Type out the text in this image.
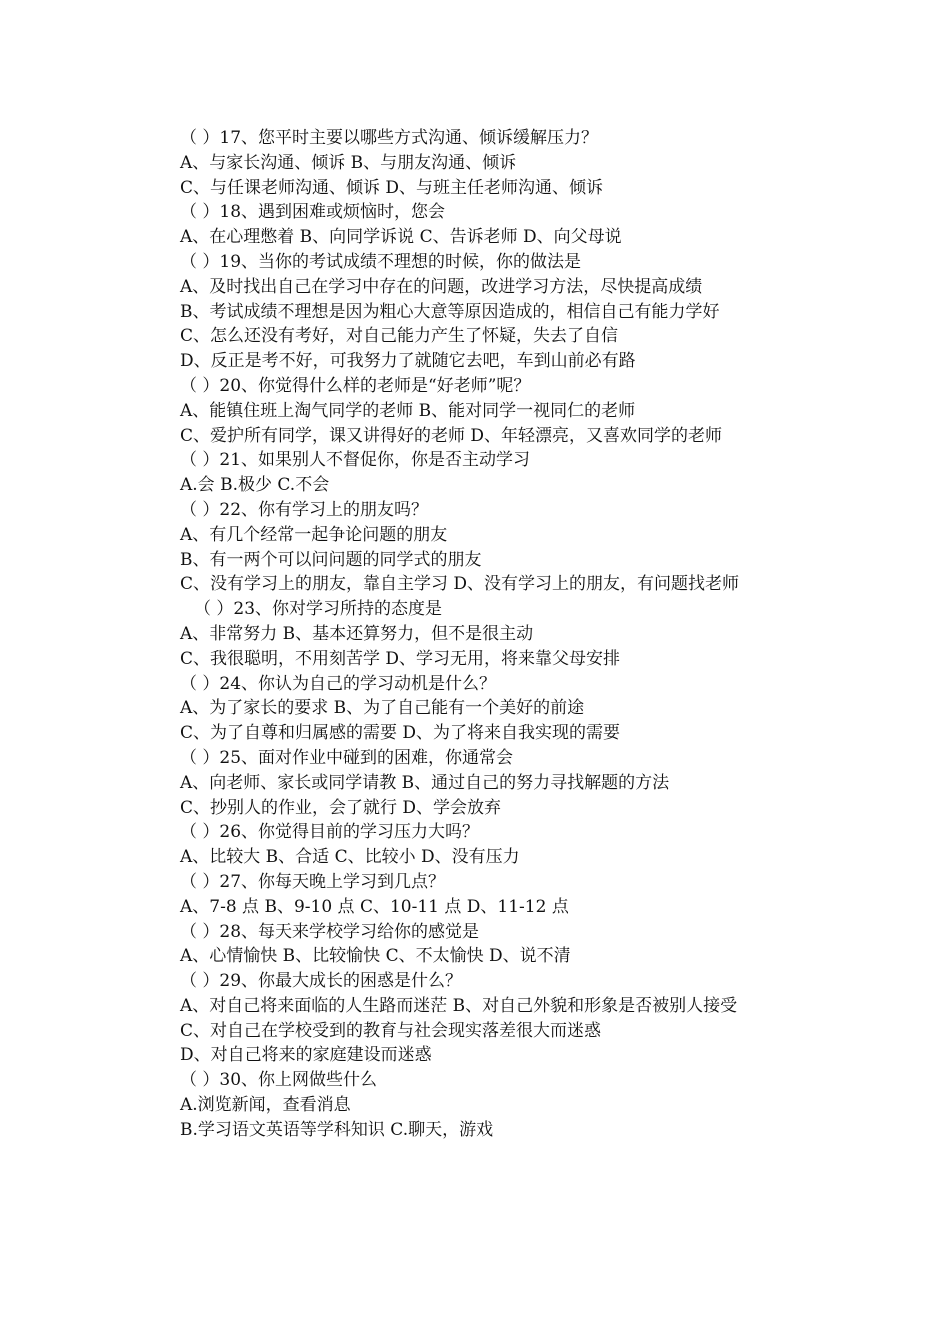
（ ）17、您平时主要以哪些方式沟通、倾诉缓解压力？
A、与家长沟通、倾诉 B、与朋友沟通、倾诉
C、与任课老师沟通、倾诉 D、与班主任老师沟通、倾诉
（ ）18、遇到困难或烦恼时，您会
A、在心理憋着 B、向同学诉说 C、告诉老师 D、向父母说
（ ）19、当你的考试成绩不理想的时候，你的做法是
A、及时找出自己在学习中存在的问题，改进学习方法，尽快提高成绩
B、考试成绩不理想是因为粗心大意等原因造成的，相信自己有能力学好
C、怎么还没有考好，对自己能力产生了怀疑，失去了自信
D、反正是考不好，可我努力了就随它去吧，车到山前必有路
（ ）20、你觉得什么样的老师是“好老师”呢？
A、能镇住班上淘气同学的老师 B、能对同学一视同仁的老师
C、爱护所有同学，课又讲得好的老师 D、年轻漂亮，又喜欢同学的老师
（ ）21、如果别人不督促你，你是否主动学习
A.会 B.极少 C.不会
（ ）22、你有学习上的朋友吗？
A、有几个经常一起争论问题的朋友
B、有一两个可以问问题的同学式的朋友
C、没有学习上的朋友，靠自主学习 D、没有学习上的朋友，有问题找老师
（ ）23、你对学习所持的态度是
A、非常努力 B、基本还算努力，但不是很主动
C、我很聪明，不用刻苦学 D、学习无用，将来靠父母安排
（ ）24、你认为自己的学习动机是什么？
A、为了家长的要求 B、为了自己能有一个美好的前途
C、为了自尊和归属感的需要 D、为了将来自我实现的需要
（ ）25、面对作业中碰到的困难，你通常会
A、向老师、家长或同学请教 B、通过自己的努力寻找解题的方法
C、抄别人的作业，会了就行 D、学会放弃
（ ）26、你觉得目前的学习压力大吗？
A、比较大 B、合适 C、比较小 D、没有压力
（ ）27、你每天晚上学习到几点？
A、7-8 点 B、9-10 点 C、10-11 点 D、11-12 点
（ ）28、每天来学校学习给你的感觉是
A、心情愉快 B、比较愉快 C、不太愉快 D、说不清
（ ）29、你最大成长的困惑是什么？
A、对自己将来面临的人生路而迷茫 B、对自己外貌和形象是否被别人接受
C、对自己在学校受到的教育与社会现实落差很大而迷惑
D、对自己将来的家庭建设而迷惑
（ ）30、你上网做些什么
A.浏览新闻，查看消息
B.学习语文英语等学科知识 C.聊天，游戏
